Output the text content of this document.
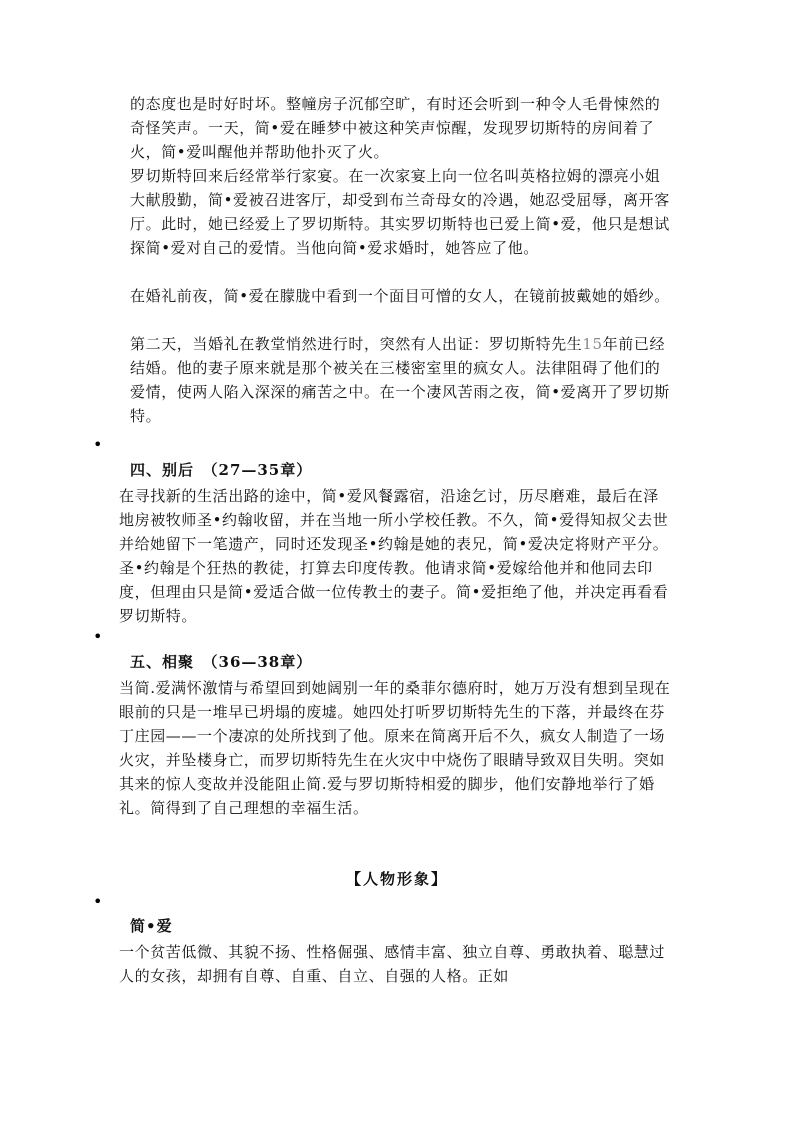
的态度也是时好时坏。整幢房子沉郁空旷，有时还会听到一种令人毛骨悚然的奇怪笑声。一天，简•爱在睡梦中被这种笑声惊醒，发现罗切斯特的房间着了火，简•爱叫醒他并帮助他扑灭了火。

罗切斯特回来后经常举行家宴。在一次家宴上向一位名叫英格拉姆的漂亮小姐大献殷勤，简•爱被召进客厅，却受到布兰奇母女的冷遇，她忍受屈辱，离开客厅。此时，她已经爱上了罗切斯特。其实罗切斯特也已爱上简•爱，他只是想试探简•爱对自己的爱情。当他向简•爱求婚时，她答应了他。

在婚礼前夜，简•爱在朦胧中看到一个面目可憎的女人，在镜前披戴她的婚纱。

第二天，当婚礼在教堂悄然进行时，突然有人出证：罗切斯特先生15年前已经结婚。他的妻子原来就是那个被关在三楼密室里的疯女人。法律阻碍了他们的爱情，使两人陷入深深的痛苦之中。在一个凄风苦雨之夜，简•爱离开了罗切斯特。

•

四、别后　（27—35章）

在寻找新的生活出路的途中，简•爱风餐露宿，沿途乞讨，历尽磨难，最后在泽地房被牧师圣•约翰收留，并在当地一所小学校任教。不久，简•爱得知叔父去世并给她留下一笔遗产，同时还发现圣•约翰是她的表兄，简•爱决定将财产平分。圣•约翰是个狂热的教徒，打算去印度传教。他请求简•爱嫁给他并和他同去印度，但理由只是简•爱适合做一位传教士的妻子。简•爱拒绝了他，并决定再看看罗切斯特。

•

五、相聚　（36—38章）

当简.爱满怀激情与希望回到她阔别一年的桑菲尔德府时，她万万没有想到呈现在眼前的只是一堆早已坍塌的废墟。她四处打听罗切斯特先生的下落，并最终在芬丁庄园——一个凄凉的处所找到了他。原来在简离开后不久，疯女人制造了一场火灾，并坠楼身亡，而罗切斯特先生在火灾中中烧伤了眼睛导致双目失明。突如其来的惊人变故并没能阻止简.爱与罗切斯特相爱的脚步，他们安静地举行了婚礼。简得到了自己理想的幸福生活。

【人物形象】
•

简•爱

一个贫苦低微、其貌不扬、性格倔强、感情丰富、独立自尊、勇敢执着、聪慧过人的女孩，却拥有自尊、自重、自立、自强的人格。正如
